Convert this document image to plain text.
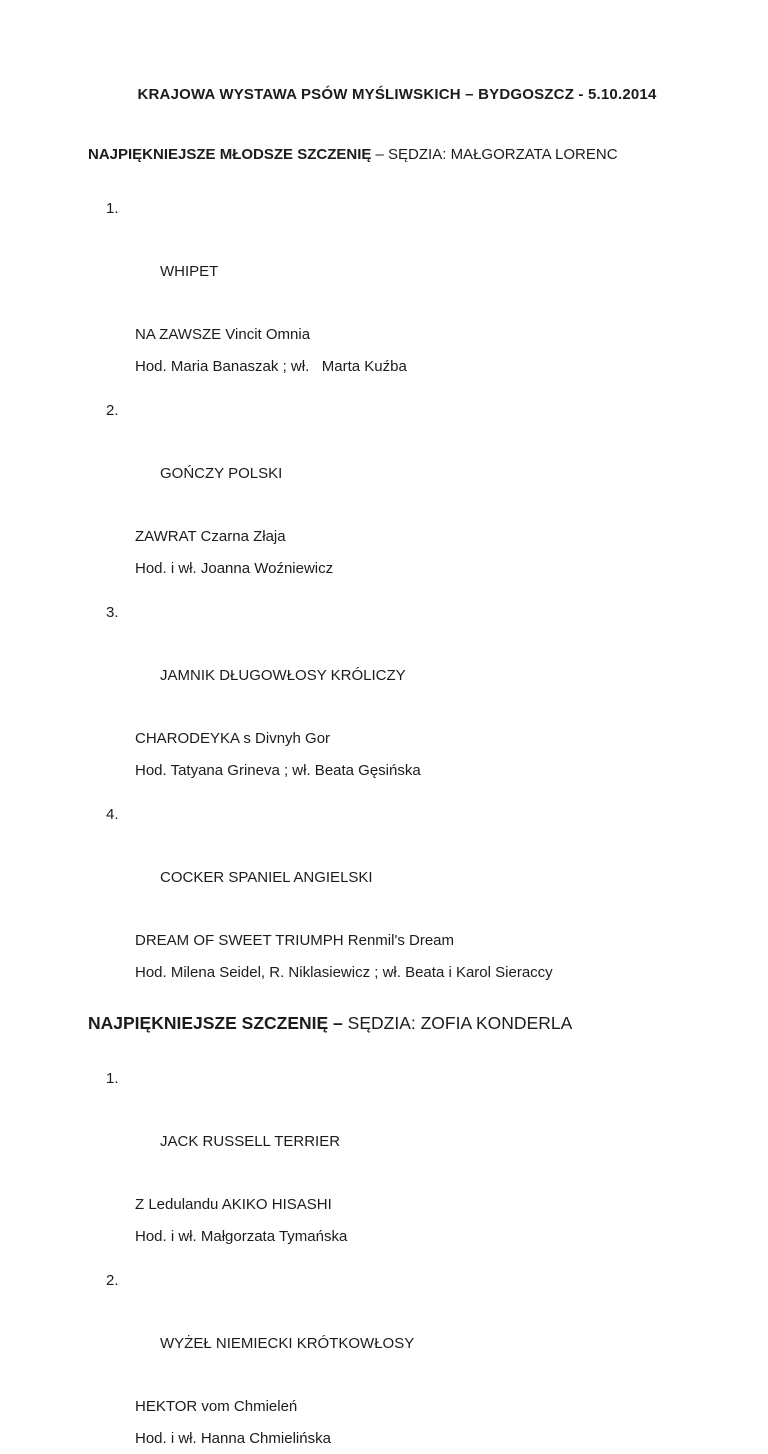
KRAJOWA WYSTAWA PSÓW MYŚLIWSKICH – BYDGOSZCZ - 5.10.2014
NAJPIĘKNIEJSZE MŁODSZE SZCZENIĘ – SĘDZIA: MAŁGORZATA LORENC

1.

WHIPET

NA ZAWSZE Vincit Omnia
Hod. Maria Banaszak ; wł.   Marta Kuźba

2.

GOŃCZY POLSKI

ZAWRAT Czarna Złaja
Hod. i wł. Joanna Woźniewicz

3.

JAMNIK DŁUGOWŁOSY KRÓLICZY

CHARODEYKA s Divnyh Gor
Hod. Tatyana Grineva ; wł. Beata Gęsińska

4.

COCKER SPANIEL ANGIELSKI

DREAM OF SWEET TRIUMPH Renmil's Dream
Hod. Milena Seidel, R. Niklasiewicz ; wł. Beata i Karol Sieraccy
NAJPIĘKNIEJSZE SZCZENIĘ – SĘDZIA: ZOFIA KONDERLA

1.

JACK RUSSELL TERRIER

Z Ledulandu AKIKO HISASHI
Hod. i wł. Małgorzata Tymańska

2.

WYŻEŁ NIEMIECKI KRÓTKOWŁOSY

HEKTOR vom Chmieleń
Hod. i wł. Hanna Chmielińska
